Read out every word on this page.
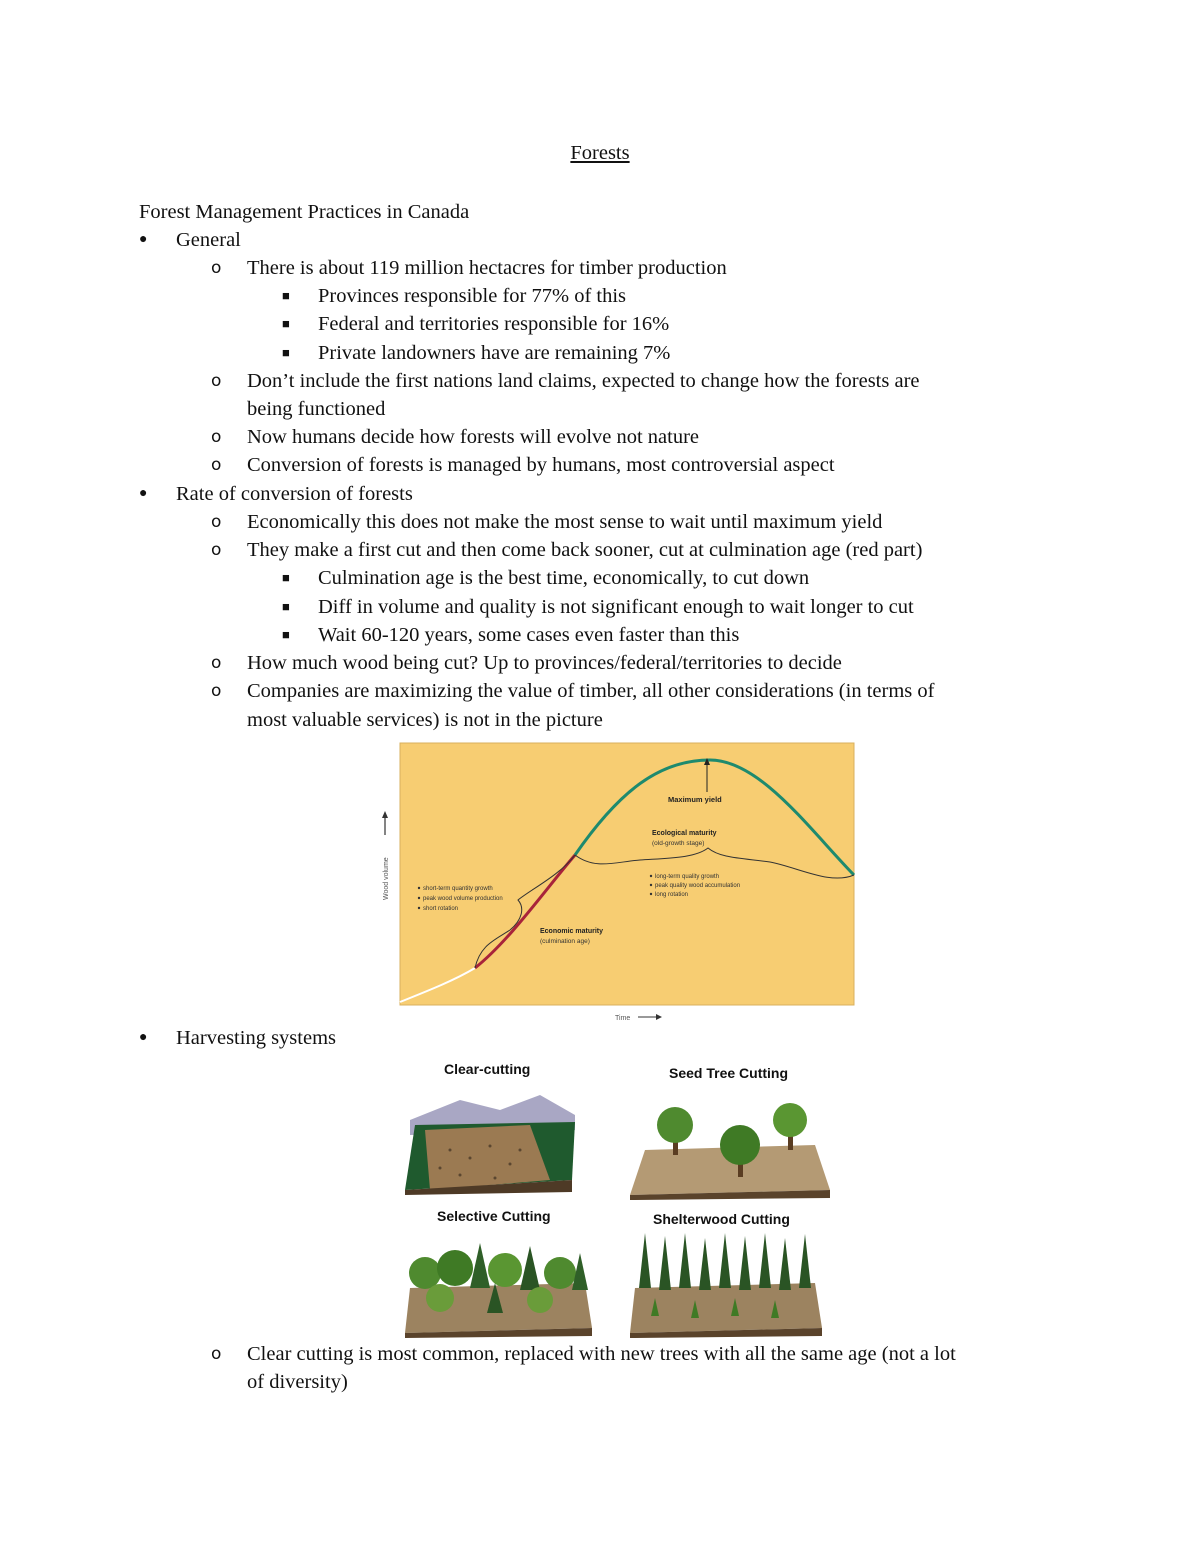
Forests
Forest Management Practices in Canada
● General
o There is about 119 million hectacres for timber production
■ Provinces responsible for 77% of this
■ Federal and territories responsible for 16%
■ Private landowners have are remaining 7%
o Don’t include the first nations land claims, expected to change how the forests are
being functioned
o Now humans decide how forests will evolve not nature
o Conversion of forests is managed by humans, most controversial aspect
● Rate of conversion of forests
o Economically this does not make the most sense to wait until maximum yield
o They make a first cut and then come back sooner, cut at culmination age (red part)
■ Culmination age is the best time, economically, to cut down
■ Diff in volume and quality is not significant enough to wait longer to cut
■ Wait 60-120 years, some cases even faster than this
o How much wood being cut? Up to provinces/federal/territories to decide
o Companies are maximizing the value of timber, all other considerations (in terms of
most valuable services) is not in the picture
Wood volume
Time
Maximum yield
Ecological maturity
(old-growth stage)
long-term quality growth
peak quality wood accumulation
long rotation
short-term quantity growth
peak wood volume production
short rotation
Economic maturity
(culmination age)
● Harvesting systems
Clear-cutting	Seed Tree Cutting
Selective Cutting	Shelterwood Cutting
o Clear cutting is most common, replaced with new trees with all the same age (not a lot
of diversity)
